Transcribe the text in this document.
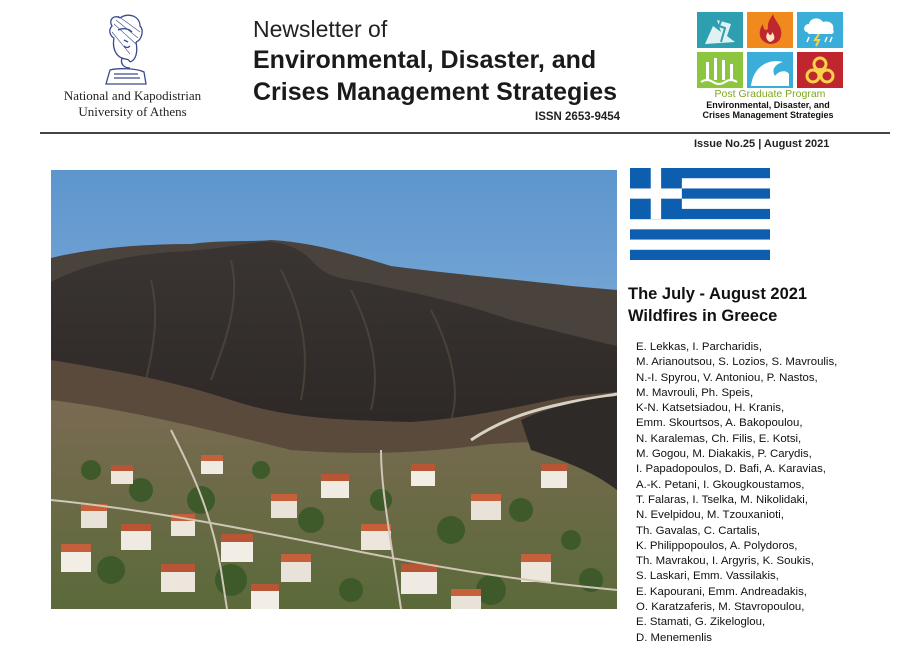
National and Kapodistrian
University of Athens
Newsletter of
Environmental, Disaster, and
Crises Management Strategies
ISSN 2653-9454
Post Graduate Program
Environmental, Disaster, and
Crises Management Strategies
Issue No.25 | August 2021
The July - August 2021
Wildfires in Greece
E. Lekkas, I. Parcharidis,
M. Arianoutsou, S. Lozios, S. Mavroulis,
N.-I. Spyrou, V. Antoniou, P. Nastos,
M. Mavrouli, Ph. Speis,
K-N. Katsetsiadou, H. Kranis,
Emm. Skourtsos, A. Bakopoulou,
N. Karalemas, Ch. Filis, E. Kotsi,
M. Gogou, M. Diakakis, P. Carydis,
I. Papadopoulos, D. Bafi, A. Karavias,
A.-K. Petani, I. Gkougkoustamos,
T. Falaras, I. Tselka, M. Nikolidaki,
N. Evelpidou, M. Tzouxanioti,
Th. Gavalas, C. Cartalis,
K. Philippopoulos, A. Polydoros,
Th. Mavrakou, I. Argyris, K. Soukis,
S. Laskari, Emm. Vassilakis,
E. Kapourani, Emm. Andreadakis,
O. Karatzaferis, M. Stavropoulou,
E. Stamati, G. Zikeloglou,
D. Menemenlis
